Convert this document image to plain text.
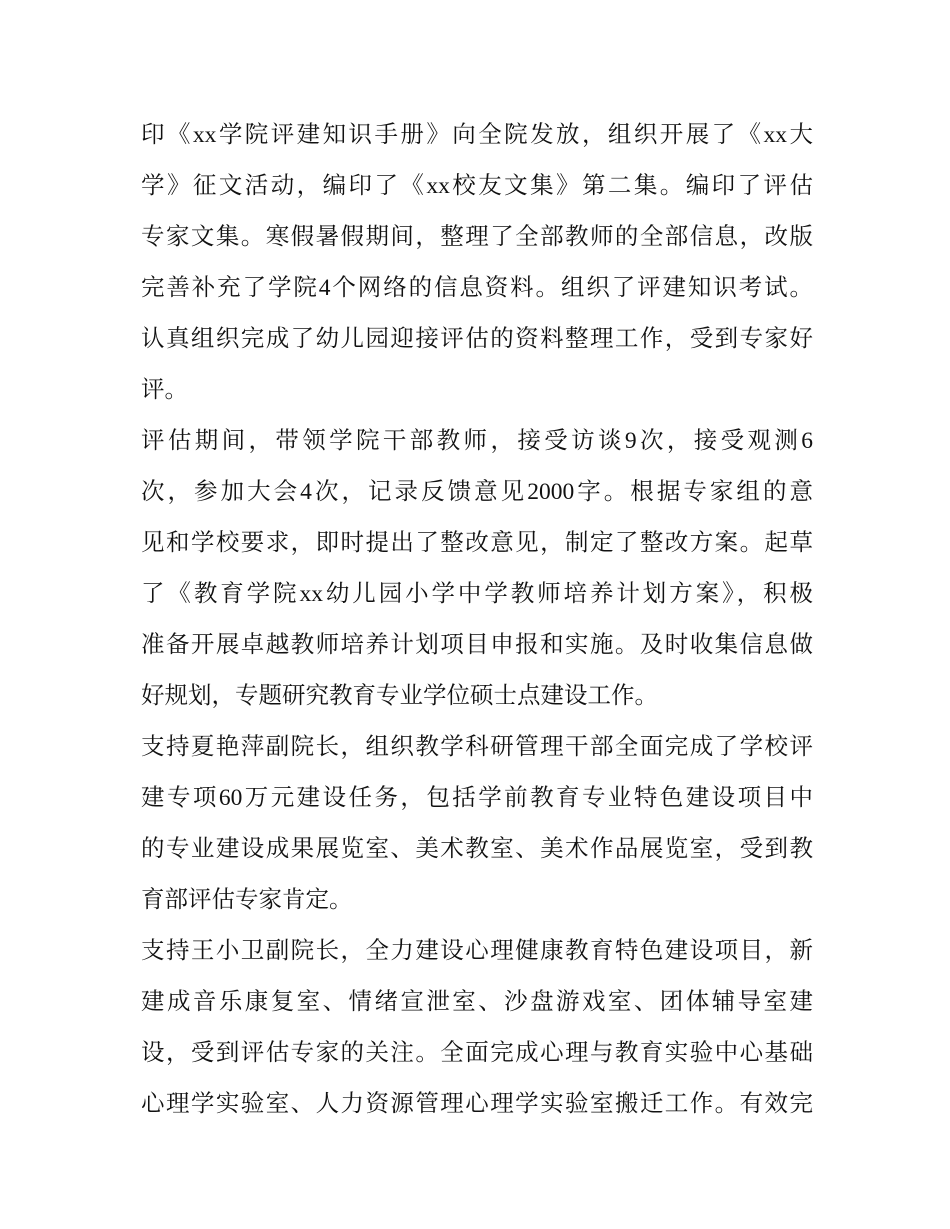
印《xx学院评建知识手册》向全院发放，组织开展了《xx大
学》征文活动，编印了《xx校友文集》第二集。编印了评估
专家文集。寒假暑假期间，整理了全部教师的全部信息，改版
完善补充了学院4个网络的信息资料。组织了评建知识考试。
认真组织完成了幼儿园迎接评估的资料整理工作，受到专家好
评。
评估期间，带领学院干部教师，接受访谈9次，接受观测6
次，参加大会4次，记录反馈意见2000字。根据专家组的意
见和学校要求，即时提出了整改意见，制定了整改方案。起草
了《教育学院xx幼儿园小学中学教师培养计划方案》，积极
准备开展卓越教师培养计划项目申报和实施。及时收集信息做
好规划，专题研究教育专业学位硕士点建设工作。
支持夏艳萍副院长，组织教学科研管理干部全面完成了学校评
建专项60万元建设任务，包括学前教育专业特色建设项目中
的专业建设成果展览室、美术教室、美术作品展览室，受到教
育部评估专家肯定。
支持王小卫副院长，全力建设心理健康教育特色建设项目，新
建成音乐康复室、情绪宣泄室、沙盘游戏室、团体辅导室建
设，受到评估专家的关注。全面完成心理与教育实验中心基础
心理学实验室、人力资源管理心理学实验室搬迁工作。有效完
